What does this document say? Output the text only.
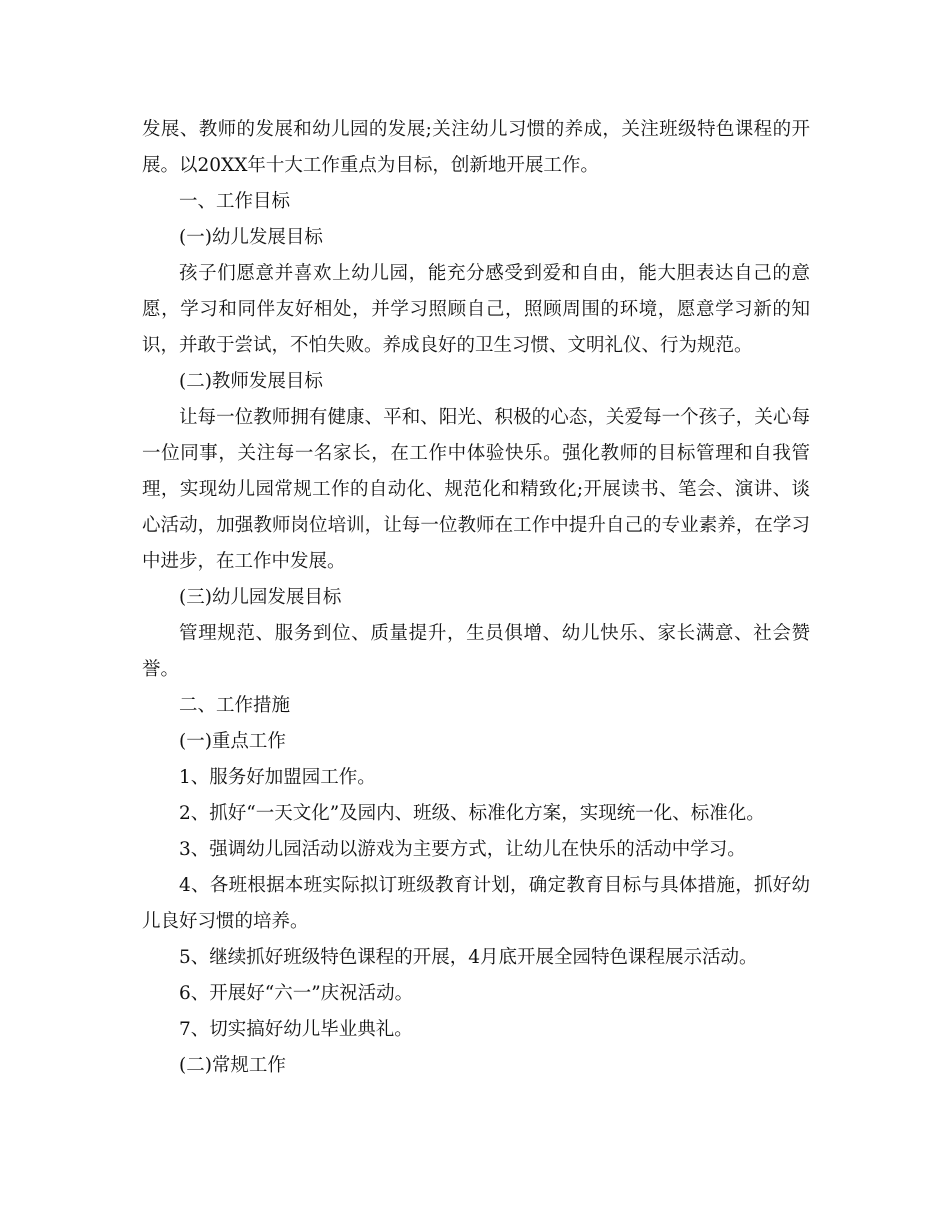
发展、教师的发展和幼儿园的发展;关注幼儿习惯的养成，关注班级特色课程的开展。以20XX年十大工作重点为目标，创新地开展工作。

一、工作目标

(一)幼儿发展目标

孩子们愿意并喜欢上幼儿园，能充分感受到爱和自由，能大胆表达自己的意愿，学习和同伴友好相处，并学习照顾自己，照顾周围的环境，愿意学习新的知识，并敢于尝试，不怕失败。养成良好的卫生习惯、文明礼仪、行为规范。

(二)教师发展目标

让每一位教师拥有健康、平和、阳光、积极的心态，关爱每一个孩子，关心每一位同事，关注每一名家长，在工作中体验快乐。强化教师的目标管理和自我管理，实现幼儿园常规工作的自动化、规范化和精致化;开展读书、笔会、演讲、谈心活动，加强教师岗位培训，让每一位教师在工作中提升自己的专业素养，在学习中进步，在工作中发展。

(三)幼儿园发展目标

管理规范、服务到位、质量提升，生员俱增、幼儿快乐、家长满意、社会赞誉。

二、工作措施

(一)重点工作

1、服务好加盟园工作。

2、抓好“一天文化”及园内、班级、标准化方案，实现统一化、标准化。

3、强调幼儿园活动以游戏为主要方式，让幼儿在快乐的活动中学习。

4、各班根据本班实际拟订班级教育计划，确定教育目标与具体措施，抓好幼儿良好习惯的培养。

5、继续抓好班级特色课程的开展，4月底开展全园特色课程展示活动。

6、开展好“六一”庆祝活动。

7、切实搞好幼儿毕业典礼。

(二)常规工作
